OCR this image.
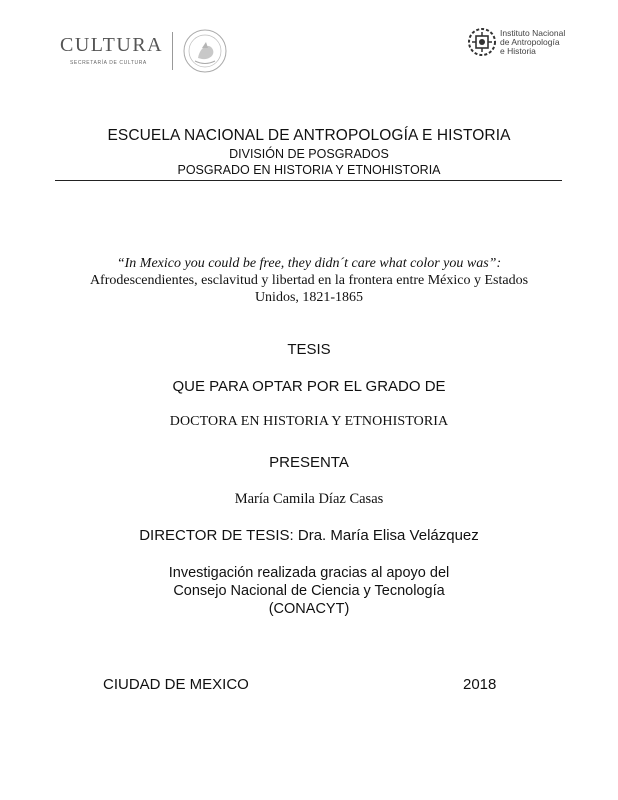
CULTURA
SECRETARÍA DE CULTURA
Instituto Nacional
de Antropología
e Historia
ESCUELA NACIONAL DE ANTROPOLOGÍA E HISTORIA
DIVISIÓN DE POSGRADOS
POSGRADO EN HISTORIA Y ETNOHISTORIA
“In Mexico you could be free, they didn´t care what color you was”:
Afrodescendientes, esclavitud y libertad en la frontera entre México y Estados Unidos, 1821-1865
TESIS
QUE PARA OPTAR POR EL GRADO DE
DOCTORA EN HISTORIA Y ETNOHISTORIA
PRESENTA
María Camila Díaz Casas
DIRECTOR DE TESIS: Dra. María Elisa Velázquez
Investigación realizada gracias al apoyo del
Consejo Nacional de Ciencia y Tecnología
(CONACYT)
CIUDAD DE MEXICO	2018
